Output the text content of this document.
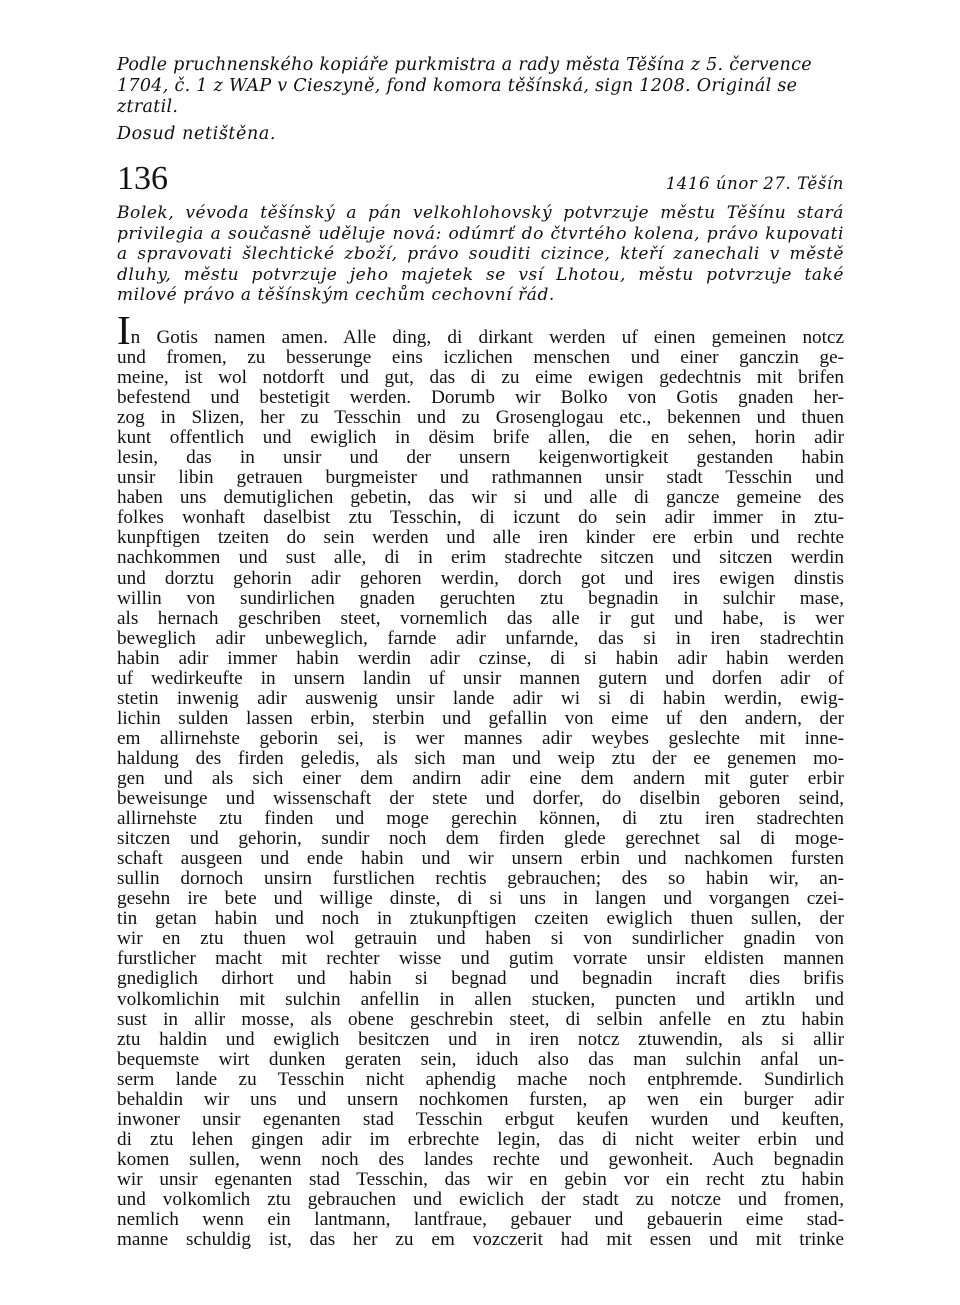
Podle pruchnenského kopiáře purkmistra a rady města Těšína z 5. července 1704, č. 1 z WAP v Cieszyně, fond komora těšínská, sign 1208. Originál se ztratil.

Dosud netištěna.

136	1416 únor 27. Těšín

Bolek, vévoda těšínský a pán velkohlohovský potvrzuje městu Těšínu stará privilegia a současně uděluje nová: odúmrť do čtvrtého kolena, právo kupovati a spravovati šlechtické zboží, právo souditi cizince, kteří zanechali v městě dluhy, městu potvrzuje jeho majetek se vsí Lhotou, městu potvrzuje také milové právo a těšínským cechům cechovní řád.

In Gotis namen amen. Alle ding, di dirkant werden uf einen gemeinen notcz
und fromen, zu besserunge eins iczlichen menschen und einer ganczin ge-
meine, ist wol notdorft und gut, das di zu eime ewigen gedechtnis mit brifen
befestend und bestetigit werden. Dorumb wir Bolko von Gotis gnaden her-
zog in Slizen, her zu Tesschin und zu Grosenglogau etc., bekennen und thuen
kunt offentlich und ewiglich in dësim brife allen, die en sehen, horin adir
lesin, das in unsir und der unsern keigenwortigkeit gestanden habin
unsir libin getrauen burgmeister und rathmannen unsir stadt Tesschin und
haben uns demutiglichen gebetin, das wir si und alle di gancze gemeine des
folkes wonhaft daselbist ztu Tesschin, di iczunt do sein adir immer in ztu-
kunpftigen tzeiten do sein werden und alle iren kinder ere erbin und rechte
nachkommen und sust alle, di in erim stadrechte sitczen und sitczen werdin
und dorztu gehorin adir gehoren werdin, dorch got und ires ewigen dinstis
willin von sundirlichen gnaden geruchten ztu begnadin in sulchir mase,
als hernach geschriben steet, vornemlich das alle ir gut und habe, is wer
beweglich adir unbeweglich, farnde adir unfarnde, das si in iren stadrechtin
habin adir immer habin werdin adir czinse, di si habin adir habin werden
uf wedirkeufte in unsern landin uf unsir mannen gutern und dorfen adir of
stetin inwenig adir auswenig unsir lande adir wi si di habin werdin, ewig-
lichin sulden lassen erbin, sterbin und gefallin von eime uf den andern, der
em allirnehste geborin sei, is wer mannes adir weybes geslechte mit inne-
haldung des firden geledis, als sich man und weip ztu der ee genemen mo-
gen und als sich einer dem andirn adir eine dem andern mit guter erbir
beweisunge und wissenschaft der stete und dorfer, do diselbin geboren seind,
allirnehste ztu finden und moge gerechin können, di ztu iren stadrechten
sitczen und gehorin, sundir noch dem firden glede gerechnet sal di moge-
schaft ausgeen und ende habin und wir unsern erbin und nachkomen fursten
sullin dornoch unsirn furstlichen rechtis gebrauchen; des so habin wir, an-
gesehn ire bete und willige dinste, di si uns in langen und vorgangen czei-
tin getan habin und noch in ztukunpftigen czeiten ewiglich thuen sullen, der
wir en ztu thuen wol getrauin und haben si von sundirlicher gnadin von
furstlicher macht mit rechter wisse und gutim vorrate unsir eldisten mannen
gnediglich dirhort und habin si begnad und begnadin incraft dies brifis
volkomlichin mit sulchin anfellin in allen stucken, puncten und artikln und
sust in allir mosse, als obene geschrebin steet, di selbin anfelle en ztu habin
ztu haldin und ewiglich besitczen und in iren notcz ztuwendin, als si allir
bequemste wirt dunken geraten sein, iduch also das man sulchin anfal un-
serm lande zu Tesschin nicht aphendig mache noch entphremde. Sundirlich
behaldin wir uns und unsern nochkomen fursten, ap wen ein burger adir
inwoner unsir egenanten stad Tesschin erbgut keufen wurden und keuften,
di ztu lehen gingen adir im erbrechte legin, das di nicht weiter erbin und
komen sullen, wenn noch des landes rechte und gewonheit. Auch begnadin
wir unsir egenanten stad Tesschin, das wir en gebin vor ein recht ztu habin
und volkomlich ztu gebrauchen und ewiclich der stadt zu notcze und fromen,
nemlich wenn ein lantmann, lantfraue, gebauer und gebauerin eime stad-
manne schuldig ist, das her zu em vozczerit had mit essen und mit trinke
